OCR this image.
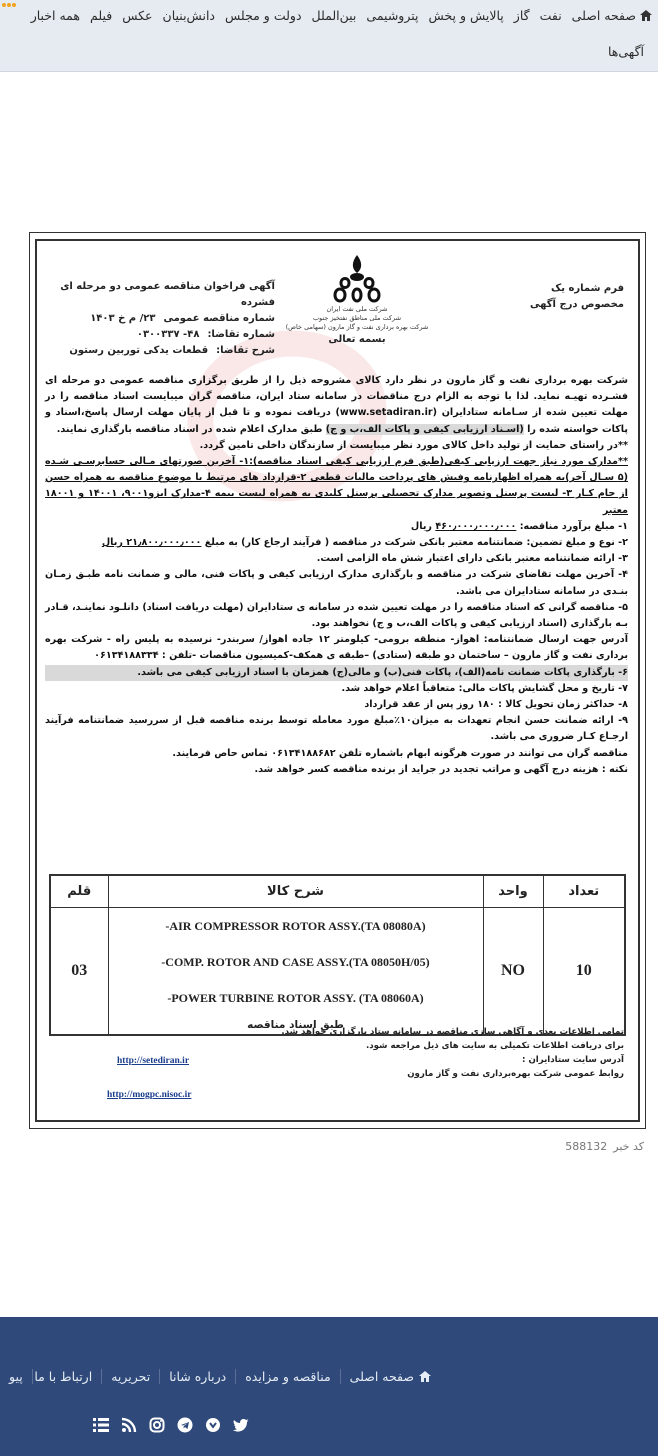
صفحه اصلی
نفت
گاز
پالایش و پخش
پتروشیمی
بین‌الملل
دولت و مجلس
دانش‌بنیان
عکس
فیلم
همه اخبار
آگهی‌ها
فرم شماره یک
مخصوص درج آگهی
شرکت ملی نفت ایران
شرکت ملی مناطق نفتخیز جنوب
شرکت بهره برداری نفت و گاز مارون (سهامی خاص)
بسمه تعالی
آگهی فراخوان مناقصه عمومی دو مرحله ای فشرده
شماره مناقصه عمومی
۲۳/ م خ ۱۴۰۳
شماره تقاضا:
۴۸- ۰۳۰۰۳۳۷
شرح تقاضا:
قطعات یدکی توربین رستون

شرکت بهره برداری نفت و گاز مارون در نظر دارد کالای مشروحه ذیل را از طریق برگزاری مناقصه عمومی دو مرحله ای فشـرده تهیـه نماید. لذا با توجه به الزام درج مناقصات در سامانه ستاد ایران، مناقصه گران میبایست اسناد مناقصه را در مهلت تعیین شده از سـامانه ستادایران (www.setadiran.ir) دریافت نموده و تا قبل از پایان مهلت ارسال پاسخ،اسناد و پاکات خواسته شده را (اسـناد ارزیابی کیفی و پاکات الف،ب و ج) طبق مدارک اعلام شده در اسناد مناقصه بارگذاری نمایند.

**در راستای حمایت از تولید داخل کالای مورد نظر میبایست از سازندگان داخلی تامین گردد.

**مدارک مورد نیاز جهت ارزیابی کیفی(طبق فرم ارزیابی کیفی اسناد مناقصه):۱- آخرین صورتهای مـالی حسابرسـی شـده (۵ سـال آخر)به همراه اظهارنامه وفیش های پرداخت مالیات قطعی ۲-قرارداد های مرتبط با موضوع مناقصه به همراه حسن از جام کـار ۳- لیست پرسنل وتصویر مدارک تحصیلی پرسنل کلیدی به همراه لیست بیمه ۴-مدارک ایزو۹۰۰۱، ۱۴۰۰۱ و ۱۸۰۰۱ معتبر

۱- مبلغ برآورد مناقصه: ۴۶۰٫۰۰۰٫۰۰۰٫۰۰۰ ریال

۲- نوع و مبلغ تضمین: ضمانتنامه معتبر بانکی شرکت در مناقصه ( فرآیند ارجاع کار) به مبلغ ۲۱٫۸۰۰٫۰۰۰٫۰۰۰ ریال

۳- ارائه ضمانتنامه معتبر بانکی دارای اعتبار شش ماه الزامی است.

۴- آخرین مهلت تقاضای شرکت در مناقصه و بارگذاری مدارک ارزیابی کیفی و پاکات فنی، مالی و ضمانت نامه طبـق زمـان بنـدی در سامانه ستادایران می باشد.

۵- مناقصه گرانی که اسناد مناقصه را در مهلت تعیین شده در سامانه ی ستادایران (مهلت دریافت اسناد) دانلـود نماینـد، قـادر بـه بارگذاری (اسناد ارزیابی کیفی و پاکات الف،ب و ج) نخواهند بود.

آدرس جهت ارسال ضمانتنامه: اهواز- منطقه برومی- کیلومتر ۱۲ جاده اهواز/ سربندر- نرسیده به پلیس راه - شرکت بهره برداری نفت و گاز مارون – ساختمان دو طبقه (ستادی) –طبقه ی همکف-کمیسیون مناقصات -تلفن : ۰۶۱۳۴۱۸۸۳۳۴

۶- بارگذاری پاکات ضمانت نامه(الف)، پاکات فنی(ب) و مالی(ج) همزمان با اسناد ارزیابی کیفی می باشد.

۷- تاریخ و محل گشایش پاکات مالی: متعاقباً اعلام خواهد شد.

۸- حداکثر زمان تحویل کالا : ۱۸۰ روز پس از عقد قرارداد

۹- ارائه ضمانت حسن انجام تعهدات به میزان۱۰٪مبلغ مورد معامله توسط برنده مناقصه قبل از سررسید ضمانتنامه فرآیند ارجـاع کـار ضروری می باشد.

مناقصه گران می توانند در صورت هرگونه ابهام باشماره تلفن ۰۶۱۳۴۱۸۸۶۸۲ تماس حاص فرمایند.

نکته : هزینه درج آگهی و مراتب تجدید در جراید از برنده مناقصه کسر خواهد شد.

تعداد	واحد	شرح کالا	قلم
10	NO	-AIR COMPRESSOR ROTOR ASSY.(TA 08080A)
-COMP. ROTOR AND CASE ASSY.(TA 08050H/05)
-POWER TURBINE ROTOR ASSY. (TA 08060A)
طبق اسناد مناقصه	03
تمامی اطلاعات بعدی و آگاهی سازی مناقصه در سامانه ستاد بارگزاری خواهد شد.
برای دریافت اطلاعات تکمیلی به سایت های ذیل مراجعه شود.
آدرس سایت ستادایران :
روابط عمومی شرکت بهره‌برداری نفت و گاز مارون
http://setediran.ir
http://mogpc.nisoc.ir
کد خبر
588132
پیو	صفحه اصلی
مناقصه و مزایده
درباره شانا
تحریریه
ارتباط با ما
